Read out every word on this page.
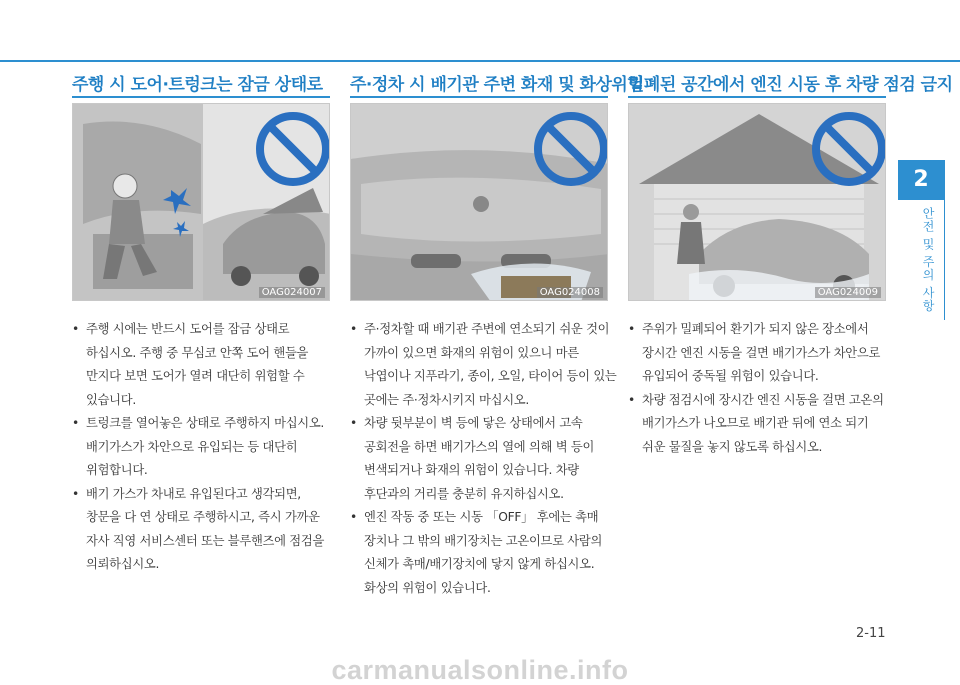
주행 시 도어·트렁크는 잠금 상태로
OAG024007
• 주행 시에는 반드시 도어를 잠금 상태로 하십시오. 주행 중 무심코 안쪽 도어 핸들을 만지다 보면 도어가 열려 대단히 위험할 수 있습니다.
• 트렁크를 열어놓은 상태로 주행하지 마십시오. 배기가스가 차안으로 유입되는 등 대단히 위험합니다.
• 배기 가스가 차내로 유입된다고 생각되면, 창문을 다 연 상태로 주행하시고, 즉시 가까운 자사 직영 서비스센터 또는 블루핸즈에 점검을 의뢰하십시오.
주·정차 시 배기관 주변 화재 및 화상위험
OAG024008
• 주·정차할 때 배기관 주변에 연소되기 쉬운 것이 가까이 있으면 화재의 위험이 있으니 마른 낙엽이나 지푸라기, 종이, 오일, 타이어 등이 있는 곳에는 주·정차시키지 마십시오.
• 차량 뒷부분이 벽 등에 닿은 상태에서 고속 공회전을 하면 배기가스의 열에 의해 벽 등이 변색되거나 화재의 위험이 있습니다. 차량 후단과의 거리를 충분히 유지하십시오.
• 엔진 작동 중 또는 시동 「OFF」 후에는 촉매 장치나 그 밖의 배기장치는 고온이므로 사람의 신체가 촉매/배기장치에 닿지 않게 하십시오. 화상의 위험이 있습니다.
밀폐된 공간에서 엔진 시동 후 차량 점검 금지
OAG024009
• 주위가 밀폐되어 환기가 되지 않은 장소에서 장시간 엔진 시동을 걸면 배기가스가 차안으로 유입되어 중독될 위험이 있습니다.
• 차량 점검시에 장시간 엔진 시동을 걸면 고온의 배기가스가 나오므로 배기관 뒤에 연소 되기 쉬운 물질을 놓지 않도록 하십시오.
2
안전 및 주의 사항
2-11
carmanualsonline.info
